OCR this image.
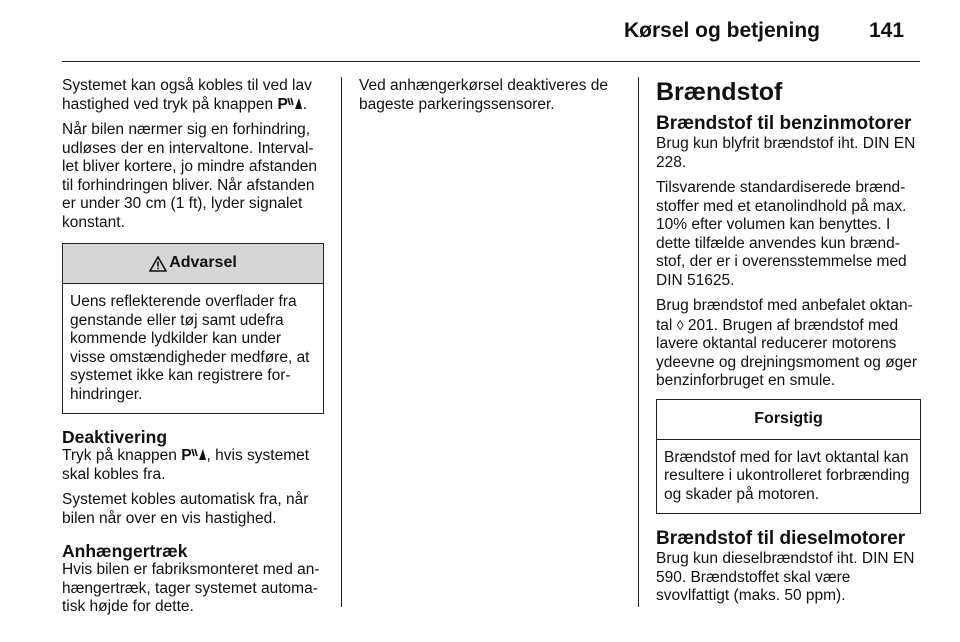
Kørsel og betjening 141

Systemet kan også kobles til ved lav hastighed ved tryk på knappen P .

Når bilen nærmer sig en forhindring, udløses der en intervaltone. Intervallet bliver kortere, jo mindre afstanden til forhindringen bliver. Når afstanden er under 30 cm (1 ft), lyder signalet konstant.

Advarsel
Uens reflekterende overflader fra genstande eller tøj samt udefra kommende lydkilder kan under visse omstændigheder medføre, at systemet ikke kan registrere forhindringer.
Deaktivering

Tryk på knappen P , hvis systemet skal kobles fra.

Systemet kobles automatisk fra, når bilen når over en vis hastighed.

Anhængertræk

Hvis bilen er fabriksmonteret med anhængertræk, tager systemet automatisk højde for dette.

Ved anhængerkørsel deaktiveres de bageste parkeringssensorer.	Brændstof
Brændstof til benzinmotorer

Brug kun blyfrit brændstof iht. DIN EN 228.

Tilsvarende standardiserede brændstoffer med et etanolindhold på max. 10% efter volumen kan benyttes. I dette tilfælde anvendes kun brændstof, der er i overensstemmelse med DIN 51625.

Brug brændstof med anbefalet oktantal ◊ 201. Brugen af brændstof med lavere oktantal reducerer motorens ydeevne og drejningsmoment og øger benzinforbruget en smule.

Forsigtig
Brændstof med for lavt oktantal kan resultere i ukontrolleret forbrænding og skader på motoren.
Brændstof til dieselmotorer

Brug kun dieselbrændstof iht. DIN EN 590. Brændstoffet skal være svovlfattigt (maks. 50 ppm).
